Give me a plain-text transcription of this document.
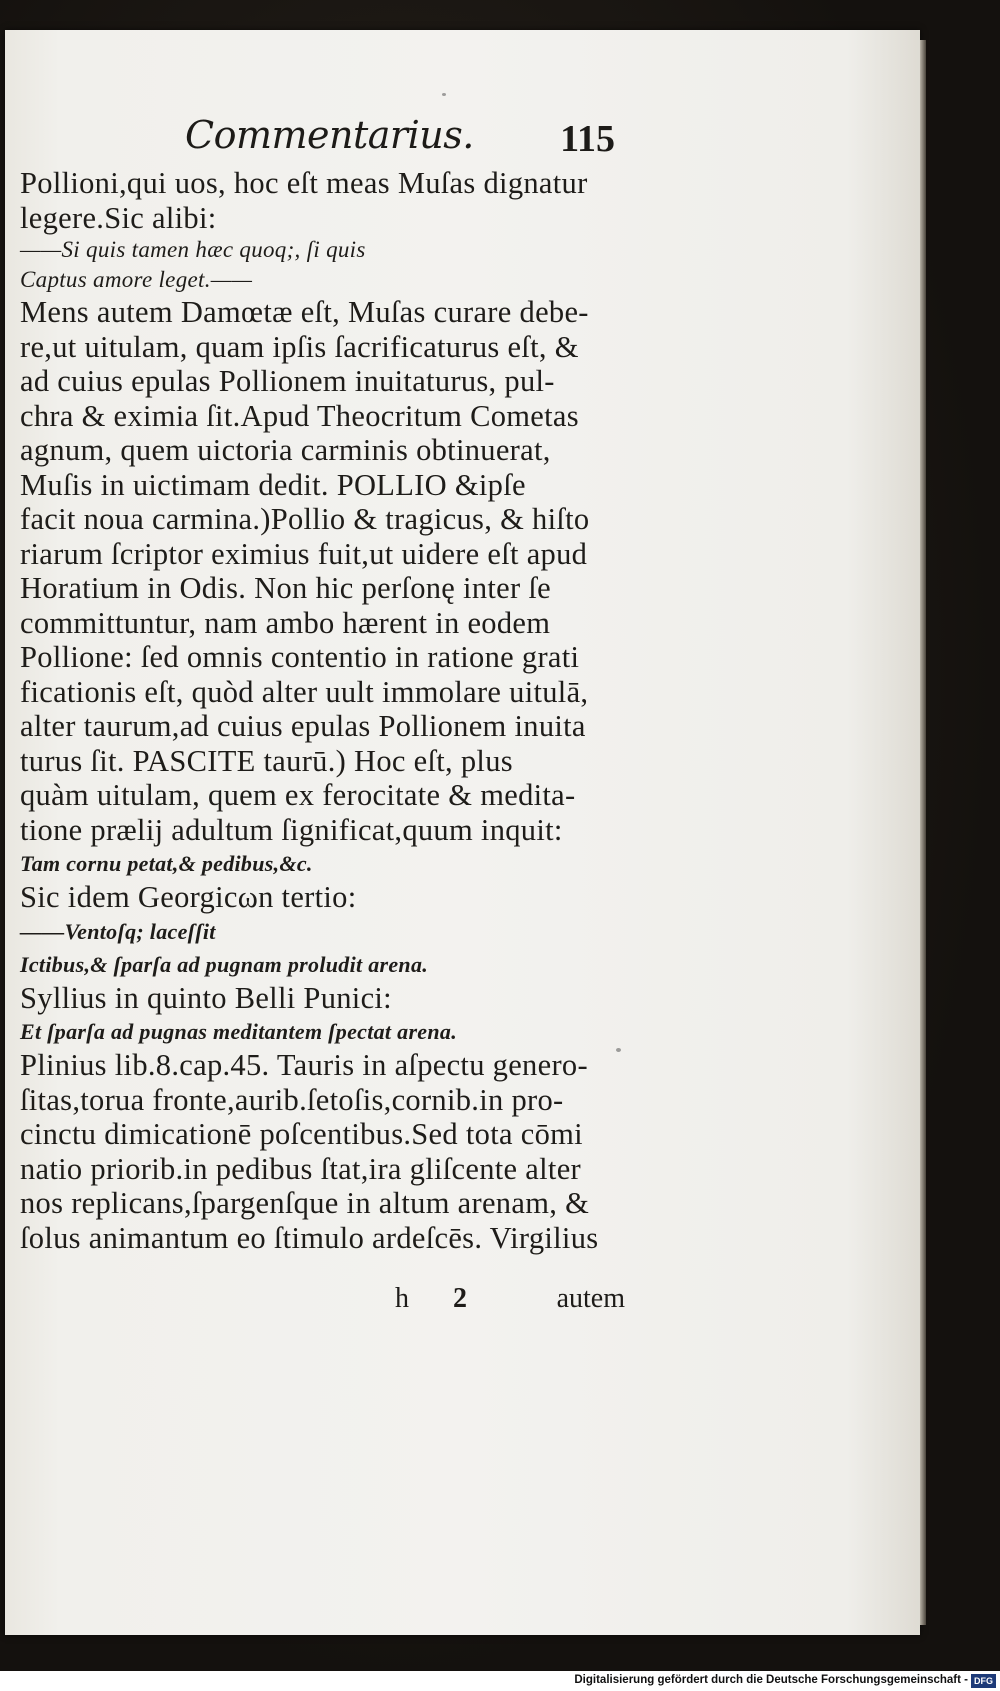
Commentarius. 115
Pollioni,qui uos, hoc eſt meas Muſas dignatur
legere.Sic alibi:
——Si quis tamen hæc quoq;, ſi quis
Captus amore leget.——
Mens autem Damœtæ eſt, Muſas curare debe-
re,ut uitulam, quam ipſis ſacrificaturus eſt, &
ad cuius epulas Pollionem inuitaturus, pul-
chra & eximia ſit.Apud Theocritum Cometas
agnum, quem uictoria carminis obtinuerat,
Muſis in uictimam dedit. POLLIO &ipſe
facit noua carmina.)Pollio & tragicus, & hiſto
riarum ſcriptor eximius fuit,ut uidere eſt apud
Horatium in Odis. Non hic perſonę inter ſe
committuntur, nam ambo hærent in eodem
Pollione: ſed omnis contentio in ratione grati
ficationis eſt, quòd alter uult immolare uitulā,
alter taurum,ad cuius epulas Pollionem inuita
turus ſit. PASCITE taurū.) Hoc eſt, plus
quàm uitulam, quem ex ferocitate & medita-
tione prælij adultum ſignificat,quum inquit:
Tam cornu petat,& pedibus,&c.
Sic idem Georgicωn tertio:
——Ventoſq; laceſſit
Ictibus,& ſparſa ad pugnam proludit arena.
Syllius in quinto Belli Punici:
Et ſparſa ad pugnas meditantem ſpectat arena.
Plinius lib.8.cap.45. Tauris in aſpectu genero-
ſitas,torua fronte,aurib.ſetoſis,cornib.in pro-
cinctu dimicationē poſcentibus.Sed tota cōmi
natio priorib.in pedibus ſtat,ira gliſcente alter
nos replicans,ſpargenſque in altum arenam, &
ſolus animantum eo ſtimulo ardeſcēs. Virgilius
h 2	autem
Digitalisierung gefördert durch die Deutsche Forschungsgemeinschaft - DFG
